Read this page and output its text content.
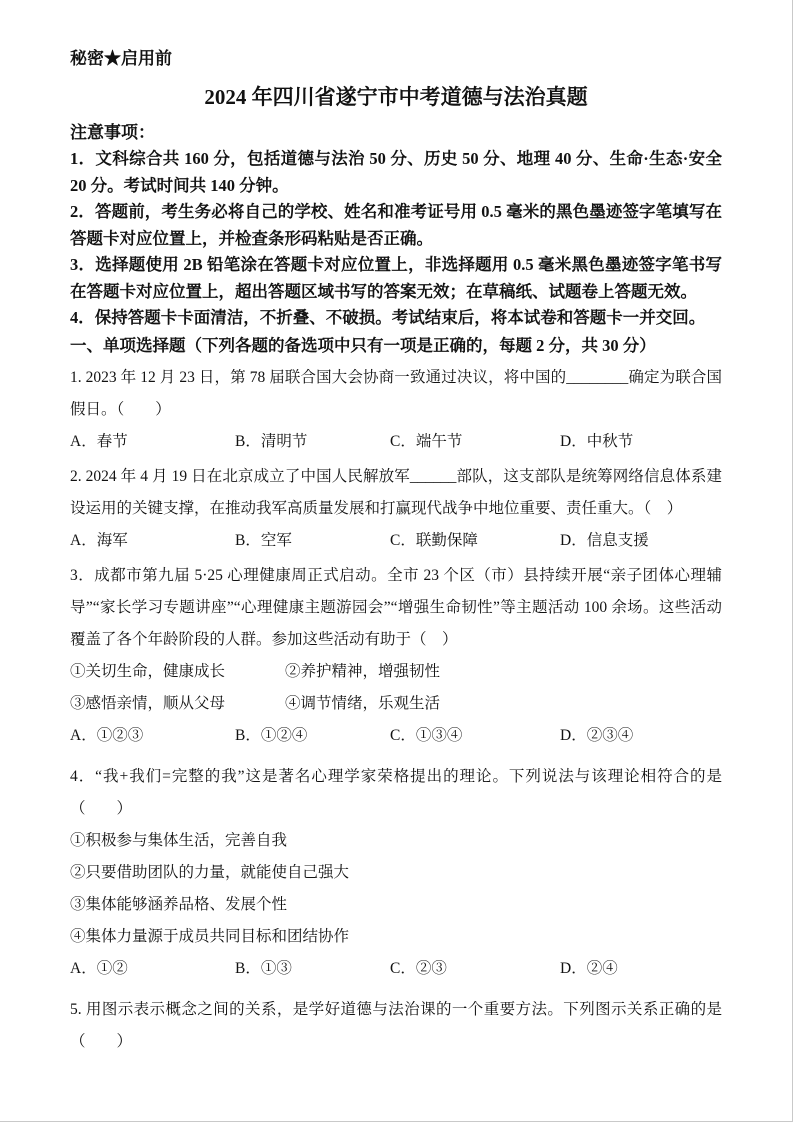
秘密★启用前
2024 年四川省遂宁市中考道德与法治真题
注意事项：

1．文科综合共 160 分，包括道德与法治 50 分、历史 50 分、地理 40 分、生命·生态·安全 20 分。考试时间共 140 分钟。

2．答题前，考生务必将自己的学校、姓名和准考证号用 0.5 毫米的黑色墨迹签字笔填写在答题卡对应位置上，并检查条形码粘贴是否正确。

3．选择题使用 2B 铅笔涂在答题卡对应位置上，非选择题用 0.5 毫米黑色墨迹签字笔书写在答题卡对应位置上，超出答题区域书写的答案无效；在草稿纸、试题卷上答题无效。

4．保持答题卡卡面清洁，不折叠、不破损。考试结束后，将本试卷和答题卡一并交回。

一、单项选择题（下列各题的备选项中只有一项是正确的，每题 2 分，共 30 分）

1. 2023 年 12 月 23 日，第 78 届联合国大会协商一致通过决议，将中国的________确定为联合国假日。（　　）

A．春节	B．清明节	C．端午节	D．中秋节

2. 2024 年 4 月 19 日在北京成立了中国人民解放军______部队，这支部队是统筹网络信息体系建设运用的关键支撑，在推动我军高质量发展和打赢现代战争中地位重要、责任重大。（　）

A．海军	B．空军	C．联勤保障	D．信息支援

3．成都市第九届 5·25 心理健康周正式启动。全市 23 个区（市）县持续开展“亲子团体心理辅导”“家长学习专题讲座”“心理健康主题游园会”“增强生命韧性”等主题活动 100 余场。这些活动覆盖了各个年龄阶段的人群。参加这些活动有助于（　）

①关切生命，健康成长	②养护精神，增强韧性
③感悟亲情，顺从父母	④调节情绪，乐观生活
A．①②③	B．①②④	C．①③④	D．②③④

4．“我+我们=完整的我”这是著名心理学家荣格提出的理论。下列说法与该理论相符合的是（　　）

①积极参与集体生活，完善自我
②只要借助团队的力量，就能使自己强大
③集体能够涵养品格、发展个性
④集体力量源于成员共同目标和团结协作
A．①②	B．①③	C．②③	D．②④

5. 用图示表示概念之间的关系，是学好道德与法治课的一个重要方法。下列图示关系正确的是（　　）
